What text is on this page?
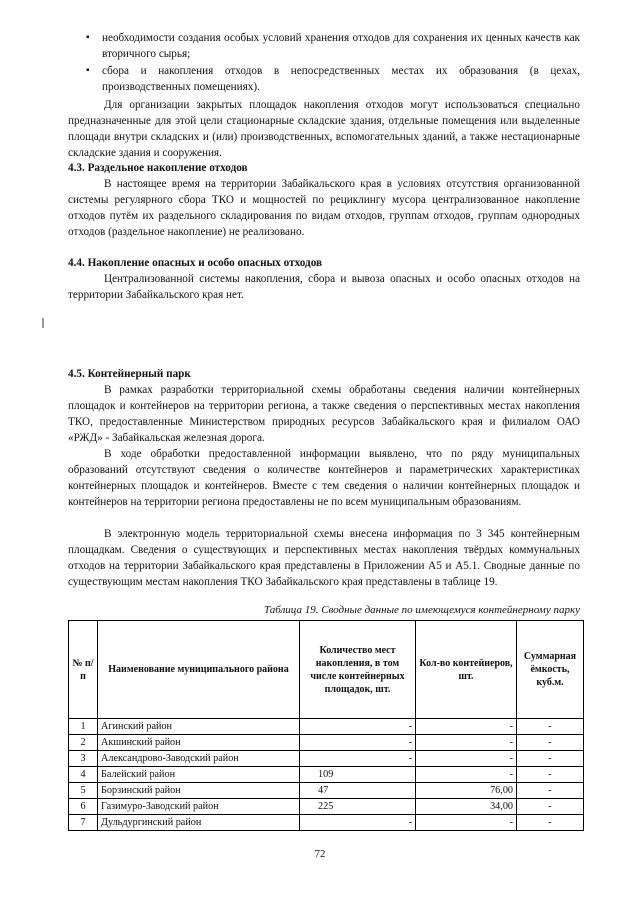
▪ необходимости создания особых условий хранения отходов для сохранения их ценных качеств как вторичного сырья;
▪ сбора и накопления отходов в непосредственных местах их образования (в цехах, производственных помещениях).
Для организации закрытых площадок накопления отходов могут использоваться специально предназначенные для этой цели стационарные складские здания, отдельные помещения или выделенные площади внутри складских и (или) производственных, вспомогательных зданий, а также нестационарные складские здания и сооружения.
4.3. Раздельное накопление отходов
В настоящее время на территории Забайкальского края в условиях отсутствия организованной системы регулярного сбора ТКО и мощностей по рециклингу мусора централизованное накопление отходов путём их раздельного складирования по видам отходов, группам отходов, группам однородных отходов (раздельное накопление) не реализовано.
4.4. Накопление опасных и особо опасных отходов
Централизованной системы накопления, сбора и вывоза опасных и особо опасных отходов на территории Забайкальского края нет.
4.5. Контейнерный парк
В рамках разработки территориальной схемы обработаны сведения наличии контейнерных площадок и контейнеров на территории региона, а также сведения о перспективных местах накопления ТКО, предоставленные Министерством природных ресурсов Забайкальского края и филиалом ОАО «РЖД» - Забайкальская железная дорога.
В ходе обработки предоставленной информации выявлено, что по ряду муниципальных образований отсутствуют сведения о количестве контейнеров и параметрических характеристиках контейнерных площадок и контейнеров. Вместе с тем сведения о наличии контейнерных площадок и контейнеров на территории региона предоставлены не по всем муниципальным образованиям.
В электронную модель территориальной схемы внесена информация по 3 345 контейнерным площадкам. Сведения о существующих и перспективных местах накопления твёрдых коммунальных отходов на территории Забайкальского края представлены в Приложении А5 и А5.1. Сводные данные по существующим местам накопления ТКО Забайкальского края представлены в таблице 19.
Таблица 19. Сводные данные по имеющемуся контейнерному парку
№ п/п	Наименование муниципального района	Количество мест накопления, в том числе контейнерных площадок, шт.	Кол-во контейнеров, шт.	Суммарная ёмкость, куб.м.
1	Агинский район	-	-	-
2	Акшинский район	-	-	-
3	Александрово-Заводский район	-	-	-
4	Балейский район	109	-	-
5	Борзинский район	47	76,00	-
6	Газимуро-Заводский район	225	34,00	-
7	Дульдургинский район	-	-	-
72
